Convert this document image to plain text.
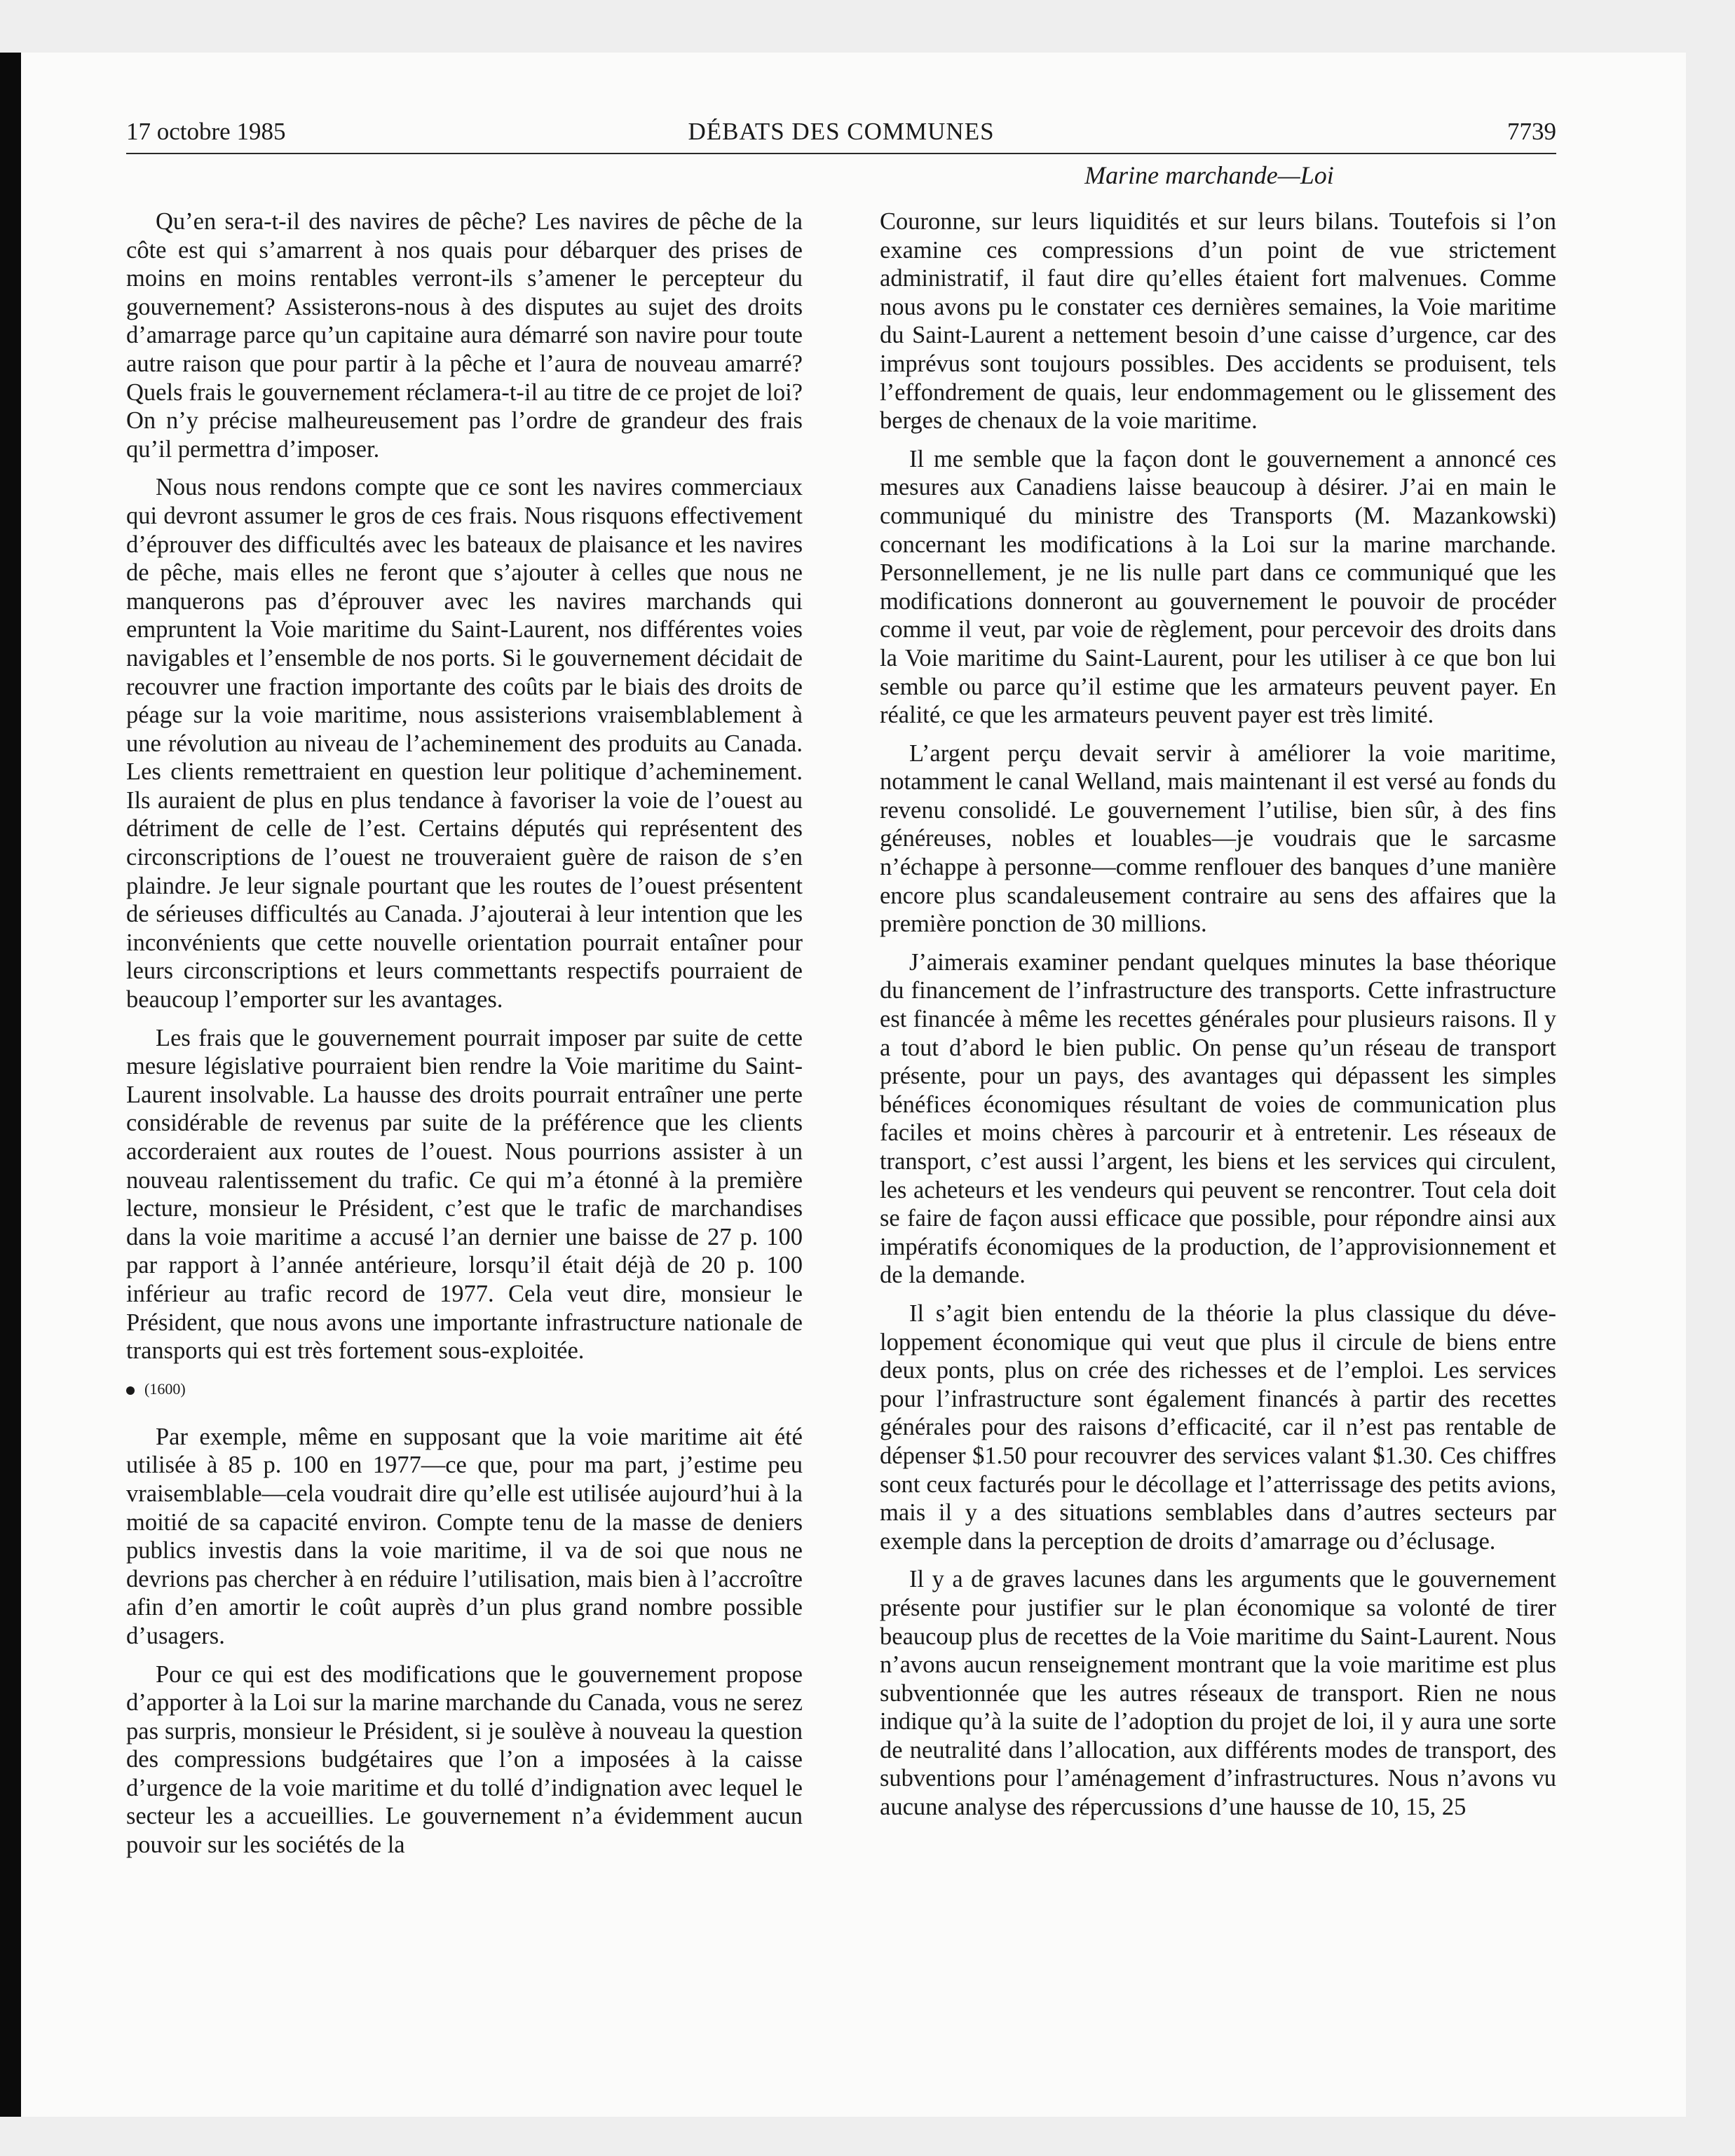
17 octobre 1985	DÉBATS DES COMMUNES	7739
Marine marchande—Loi

Qu’en sera-t-il des navires de pêche? Les navires de pêche de la côte est qui s’amarrent à nos quais pour débarquer des prises de moins en moins rentables verront-ils s’amener le percepteur du gouvernement? Assisterons-nous à des disputes au sujet des droits d’amarrage parce qu’un capitaine aura démarré son navire pour toute autre raison que pour partir à la pêche et l’aura de nouveau amarré? Quels frais le gouvernement réclamera-t-il au titre de ce projet de loi? On n’y précise malheureusement pas l’ordre de grandeur des frais qu’il permettra d’imposer.

Nous nous rendons compte que ce sont les navires commerciaux qui devront assumer le gros de ces frais. Nous risquons effectivement d’éprouver des difficultés avec les bateaux de plaisance et les navires de pêche, mais elles ne feront que s’ajouter à celles que nous ne manquerons pas d’éprouver avec les navires marchands qui empruntent la Voie maritime du Saint-Laurent, nos différentes voies navigables et l’ensemble de nos ports. Si le gouvernement décidait de recouvrer une fraction importante des coûts par le biais des droits de péage sur la voie maritime, nous assisterions vraisemblablement à une révolution au niveau de l’acheminement des produits au Canada. Les clients remettraient en question leur politique d’acheminement. Ils auraient de plus en plus tendance à favoriser la voie de l’ouest au détriment de celle de l’est. Certains députés qui représentent des circonscriptions de l’ouest ne trouveraient guère de raison de s’en plaindre. Je leur signale pourtant que les routes de l’ouest présentent de sérieuses difficultés au Canada. J’ajouterai à leur intention que les inconvénients que cette nouvelle orientation pourrait entaîner pour leurs circonscriptions et leurs commettants respectifs pourraient de beaucoup l’emporter sur les avantages.

Les frais que le gouvernement pourrait imposer par suite de cette mesure législative pourraient bien rendre la Voie maritime du Saint-Laurent insolvable. La hausse des droits pourrait entraîner une perte considérable de revenus par suite de la préférence que les clients accorderaient aux routes de l’ouest. Nous pourrions assister à un nouveau ralentissement du trafic. Ce qui m’a étonné à la première lecture, monsieur le Président, c’est que le trafic de marchandises dans la voie maritime a accusé l’an dernier une baisse de 27 p. 100 par rapport à l’année antérieure, lorsqu’il était déjà de 20 p. 100 inférieur au trafic record de 1977. Cela veut dire, monsieur le Président, que nous avons une importante infrastructure nationale de transports qui est très fortement sous-exploitée.

(1600)

Par exemple, même en supposant que la voie maritime ait été utilisée à 85 p. 100 en 1977—ce que, pour ma part, j’estime peu vraisemblable—cela voudrait dire qu’elle est utilisée aujourd’hui à la moitié de sa capacité environ. Compte tenu de la masse de deniers publics investis dans la voie maritime, il va de soi que nous ne devrions pas chercher à en réduire l’utilisation, mais bien à l’accroître afin d’en amortir le coût auprès d’un plus grand nombre possible d’usagers.

Pour ce qui est des modifications que le gouvernement propose d’apporter à la Loi sur la marine marchande du Canada, vous ne serez pas surpris, monsieur le Président, si je soulève à nouveau la question des compressions budgétaires que l’on a imposées à la caisse d’urgence de la voie maritime et du tollé d’indignation avec lequel le secteur les a accueillies. Le gouvernement n’a évidemment aucun pouvoir sur les sociétés de la

Couronne, sur leurs liquidités et sur leurs bilans. Toutefois si l’on examine ces compressions d’un point de vue strictement administratif, il faut dire qu’elles étaient fort malvenues. Comme nous avons pu le constater ces dernières semaines, la Voie maritime du Saint-Laurent a nettement besoin d’une caisse d’urgence, car des imprévus sont toujours possibles. Des accidents se produisent, tels l’effondrement de quais, leur endommagement ou le glissement des berges de chenaux de la voie maritime.

Il me semble que la façon dont le gouvernement a annoncé ces mesures aux Canadiens laisse beaucoup à désirer. J’ai en main le communiqué du ministre des Transports (M. Mazankowski) concernant les modifications à la Loi sur la marine marchande. Personnellement, je ne lis nulle part dans ce communiqué que les modifications donneront au gouvernement le pouvoir de procéder comme il veut, par voie de règlement, pour percevoir des droits dans la Voie maritime du Saint-Laurent, pour les utiliser à ce que bon lui semble ou parce qu’il estime que les armateurs peuvent payer. En réalité, ce que les armateurs peuvent payer est très limité.

L’argent perçu devait servir à améliorer la voie maritime, notamment le canal Welland, mais maintenant il est versé au fonds du revenu consolidé. Le gouvernement l’utilise, bien sûr, à des fins généreuses, nobles et louables—je voudrais que le sarcasme n’échappe à personne—comme renflouer des banques d’une manière encore plus scandaleusement contraire au sens des affaires que la première ponction de 30 millions.

J’aimerais examiner pendant quelques minutes la base théorique du financement de l’infrastructure des transports. Cette infrastructure est financée à même les recettes générales pour plusieurs raisons. Il y a tout d’abord le bien public. On pense qu’un réseau de transport présente, pour un pays, des avantages qui dépassent les simples bénéfices économiques résultant de voies de communication plus faciles et moins chères à parcourir et à entretenir. Les réseaux de transport, c’est aussi l’argent, les biens et les services qui circulent, les acheteurs et les vendeurs qui peuvent se rencontrer. Tout cela doit se faire de façon aussi efficace que possible, pour répondre ainsi aux impératifs économiques de la production, de l’approvisionnement et de la demande.

Il s’agit bien entendu de la théorie la plus classique du développement économique qui veut que plus il circule de biens entre deux ponts, plus on crée des richesses et de l’emploi. Les services pour l’infrastructure sont également financés à partir des recettes générales pour des raisons d’efficacité, car il n’est pas rentable de dépenser $1.50 pour recouvrer des services valant $1.30. Ces chiffres sont ceux facturés pour le décollage et l’atterrissage des petits avions, mais il y a des situations semblables dans d’autres secteurs par exemple dans la perception de droits d’amarrage ou d’éclusage.

Il y a de graves lacunes dans les arguments que le gouvernement présente pour justifier sur le plan économique sa volonté de tirer beaucoup plus de recettes de la Voie maritime du Saint-Laurent. Nous n’avons aucun renseignement montrant que la voie maritime est plus subventionnée que les autres réseaux de transport. Rien ne nous indique qu’à la suite de l’adoption du projet de loi, il y aura une sorte de neutralité dans l’allocation, aux différents modes de transport, des subventions pour l’aménagement d’infrastructures. Nous n’avons vu aucune analyse des répercussions d’une hausse de 10, 15, 25
